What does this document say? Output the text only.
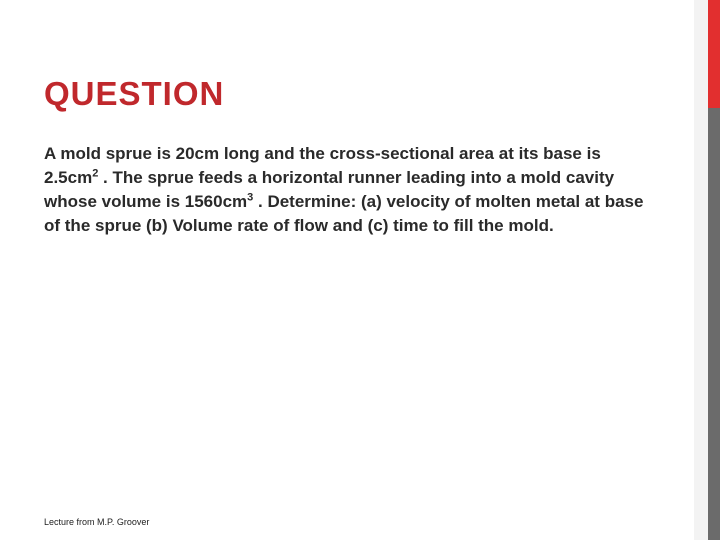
QUESTION

A mold sprue is 20cm long and the cross-sectional area at its base is $2.5cm^2$ . The sprue feeds a horizontal runner leading into a mold cavity whose volume is $1560cm^3$ . Determine: (a) velocity of molten metal at base of the sprue (b) Volume rate of flow and (c) time to fill the mold.

Lecture from M.P. Groover
